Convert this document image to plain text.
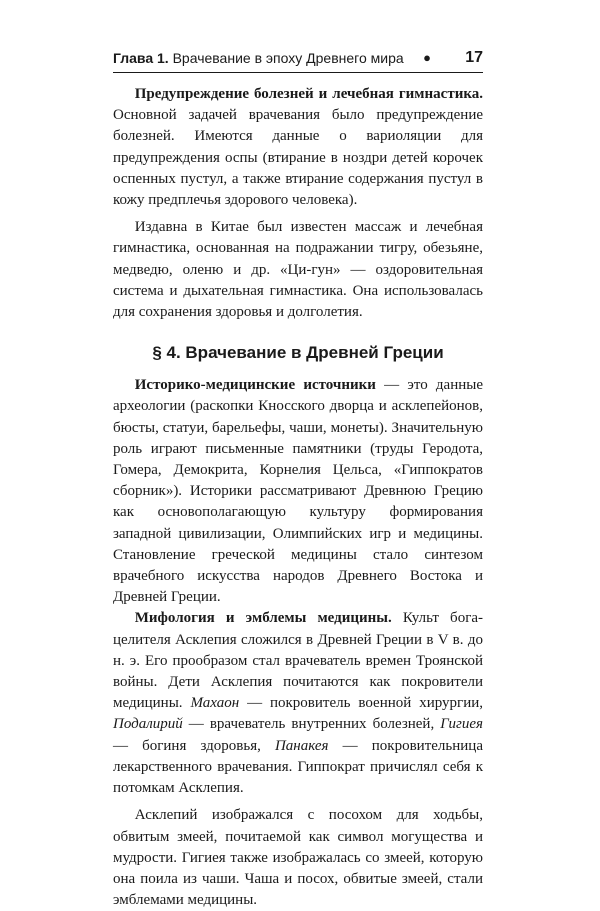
Глава 1. Врачевание в эпоху Древнего мира ● 17

Предупреждение болезней и лечебная гимнастика. Основной задачей врачевания было предупреждение болезней. Имеются данные о вариоляции для предупреждения оспы (втирание в ноздри детей корочек оспенных пустул, а также втирание содержания пустул в кожу предплечья здорового человека).

Издавна в Китае был известен массаж и лечебная гимнастика, основанная на подражании тигру, обезьяне, медведю, оленю и др. «Ци-гун» — оздоровительная система и дыхательная гимнастика. Она использовалась для сохранения здоровья и долголетия.

§ 4. Врачевание в Древней Греции

Историко-медицинские источники — это данные археологии (раскопки Кносского дворца и асклепейонов, бюсты, статуи, барельефы, чаши, монеты). Значительную роль играют письменные памятники (труды Геродота, Гомера, Демокрита, Корнелия Цельса, «Гиппократов сборник»). Историки рассматривают Древнюю Грецию как основополагающую культуру формирования западной цивилизации, Олимпийских игр и медицины. Становление греческой медицины стало синтезом врачебного искусства народов Древнего Востока и Древней Греции.

Мифология и эмблемы медицины. Культ бога-целителя Асклепия сложился в Древней Греции в V в. до н. э. Его прообразом стал врачеватель времен Троянской войны. Дети Асклепия почитаются как покровители медицины. Махаон — покровитель военной хирургии, Подалирий — врачеватель внутренних болезней, Гигиея — богиня здоровья, Панакея — покровительница лекарственного врачевания. Гиппократ причислял себя к потомкам Асклепия.

Асклепий изображался с посохом для ходьбы, обвитым змеей, почитаемой как символ могущества и мудрости. Гигиея также изображалась со змеей, которую она поила из чаши. Чаша и посох, обвитые змеей, стали эмблемами медицины.
